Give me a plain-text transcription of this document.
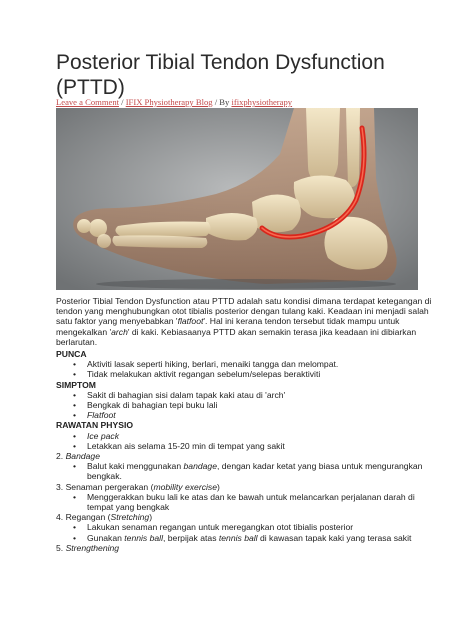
Posterior Tibial Tendon Dysfunction (PTTD)
Leave a Comment / IFIX Physiotherapy Blog / By ifixphysiotherapy

Posterior Tibial Tendon Dysfunction atau PTTD adalah satu kondisi dimana terdapat ketegangan di tendon yang menghubungkan otot tibialis posterior dengan tulang kaki. Keadaan ini menjadi salah satu faktor yang menyebabkan 'flatfoot'. Hal ini kerana tendon tersebut tidak mampu untuk mengekalkan 'arch' di kaki. Kebiasaanya PTTD akan semakin terasa jika keadaan ini dibiarkan berlarutan.

PUNCA
• Aktiviti lasak seperti hiking, berlari, menaiki tangga dan melompat.
• Tidak melakukan aktivit regangan sebelum/selepas beraktiviti
SIMPTOM
• Sakit di bahagian sisi dalam tapak kaki atau di 'arch'
• Bengkak di bahagian tepi buku lali
• Flatfoot
RAWATAN PHYSIO
• Ice pack
• Letakkan ais selama 15-20 min di tempat yang sakit
2. Bandage
• Balut kaki menggunakan bandage, dengan kadar ketat yang biasa untuk mengurangkan bengkak.
3. Senaman pergerakan (mobility exercise)
• Menggerakkan buku lali ke atas dan ke bawah untuk melancarkan perjalanan darah di tempat yang bengkak
4. Regangan (Stretching)
• Lakukan senaman regangan untuk meregangkan otot tibialis posterior
• Gunakan tennis ball, berpijak atas tennis ball di kawasan tapak kaki yang terasa sakit
5. Strengthening
